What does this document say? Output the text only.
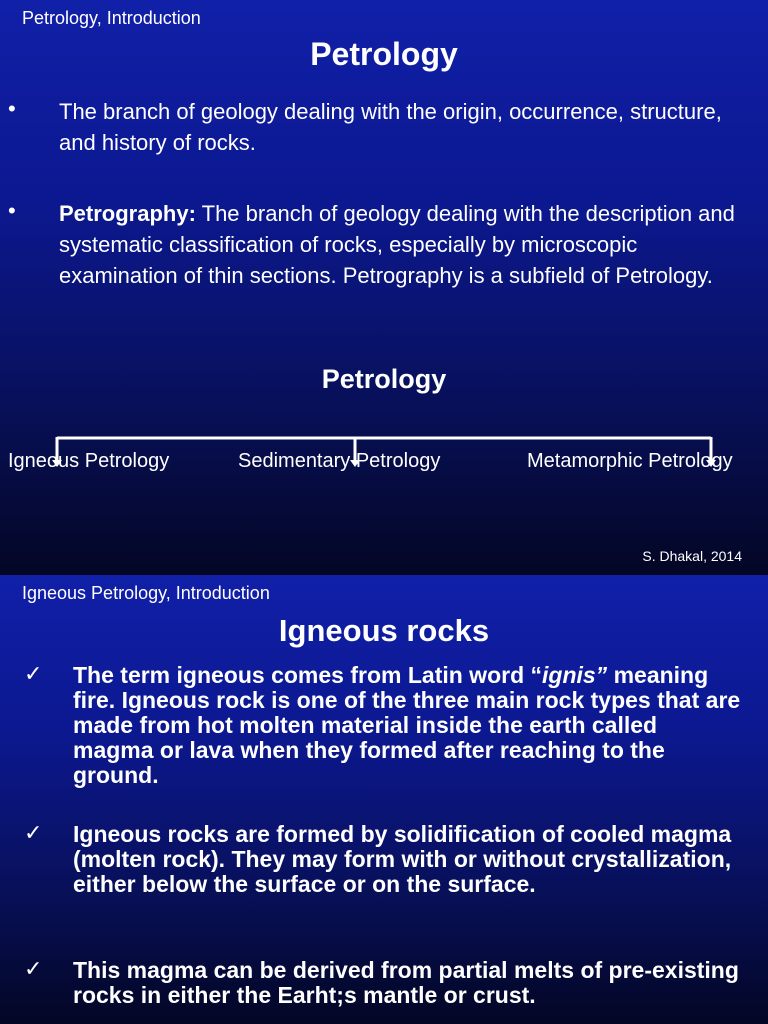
Petrology, Introduction
Petrology
• The branch of geology dealing with the origin, occurrence, structure, and history of rocks.
• Petrography: The branch of geology dealing with the description and systematic classification of rocks, especially by microscopic examination of thin sections. Petrography is a subfield of Petrology.
Petrology
Igneous Petrology	Sedimentary Petrology	Metamorphic Petrology
S. Dhakal, 2014
Igneous Petrology, Introduction
Igneous rocks
✓ The term igneous comes from Latin word “ignis” meaning fire. Igneous rock is one of the three main rock types that are made from hot molten material inside the earth called magma or lava when they formed after reaching to the ground.
✓ Igneous rocks are formed by solidification of cooled magma (molten rock). They may form with or without crystallization, either below the surface or on the surface.
✓ This magma can be derived from partial melts of pre-existing rocks in either the Earht;s mantle or crust.
